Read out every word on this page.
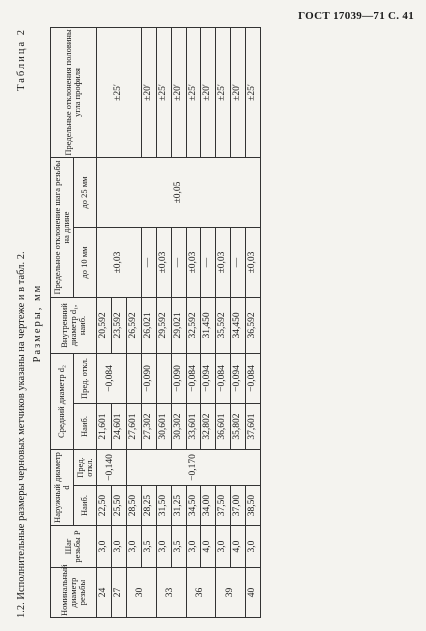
ГОСТ 17039—71 С. 41
1.2. Исполнительные размеры черновых метчиков указаны на чертеже и в табл. 2.
Таблица 2
Размеры, мм
Номинальный диаметр резьбы	Шаг резьбы P	Наружный диаметр d		Средний диаметр d₂		Внутренний диаметр d₁, наиб.	Предельное отклонение шага резьбы на длине		Предельные отклонения половины угла профиля
		Наиб.	Пред. откл.	Наиб.	Пред. откл.		до 10 мм	до 25 мм	
24	3,0	22,50	−0,140	21,601	−0,084	20,592	±0,03	±0,05	±25′
27	3,0	25,50		24,601		23,592			
30	3,0	28,50	−0,170	27,601		26,592			
	3,5	28,25		27,302	−0,090	26,021	—		±20′
33	3,0	31,50		30,601		29,592	±0,03		±25′
	3,5	31,25		30,302	−0,090	29,021	—		±20′
36	3,0	34,50		33,601	−0,084	32,592	±0,03		±25′
	4,0	34,00		32,802	−0,094	31,450	—		±20′
39	3,0	37,50		36,601	−0,084	35,592	±0,03		±25′
	4,0	37,00		35,802	−0,094	34,450	—		±20′
40	3,0	38,50		37,601	−0,084	36,592	±0,03		±25′
